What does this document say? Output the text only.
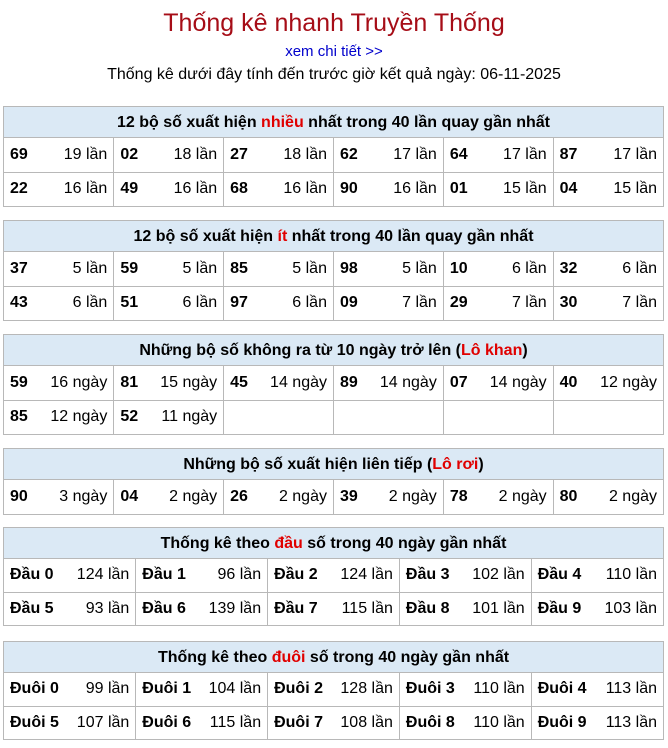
Thống kê nhanh Truyền Thống
xem chi tiết >>
Thống kê dưới đây tính đến trước giờ kết quả ngày: 06-11-2025
12 bộ số xuất hiện nhiều nhất trong 40 lần quay gần nhất
69 19 lần	02 18 lần	27 18 lần	62 17 lần	64 17 lần	87 17 lần

22 16 lần	49 16 lần	68 16 lần	90 16 lần	01 15 lần	04 15 lần
12 bộ số xuất hiện ít nhất trong 40 lần quay gần nhất
37 5 lần	59 5 lần	85 5 lần	98 5 lần	10 6 lần	32 6 lần

43 6 lần	51 6 lần	97 6 lần	09 7 lần	29 7 lần	30 7 lần
Những bộ số không ra từ 10 ngày trở lên (Lô khan)
59 16 ngày	81 15 ngày	45 14 ngày	89 14 ngày	07 14 ngày	40 12 ngày

85 12 ngày	52 11 ngày				

Những bộ số xuất hiện liên tiếp (Lô rơi)
90 3 ngày	04 2 ngày	26 2 ngày	39 2 ngày	78 2 ngày	80 2 ngày
Thống kê theo đầu số trong 40 ngày gần nhất
Đầu 0 124 lần	Đầu 1 96 lần	Đầu 2 124 lần	Đầu 3 102 lần	Đầu 4 110 lần

Đầu 5 93 lần	Đầu 6 139 lần	Đầu 7 115 lần	Đầu 8 101 lần	Đầu 9 103 lần
Thống kê theo đuôi số trong 40 ngày gần nhất
Đuôi 0 99 lần	Đuôi 1 104 lần	Đuôi 2 128 lần	Đuôi 3 110 lần	Đuôi 4 113 lần

Đuôi 5 107 lần	Đuôi 6 115 lần	Đuôi 7 108 lần	Đuôi 8 110 lần	Đuôi 9 113 lần
